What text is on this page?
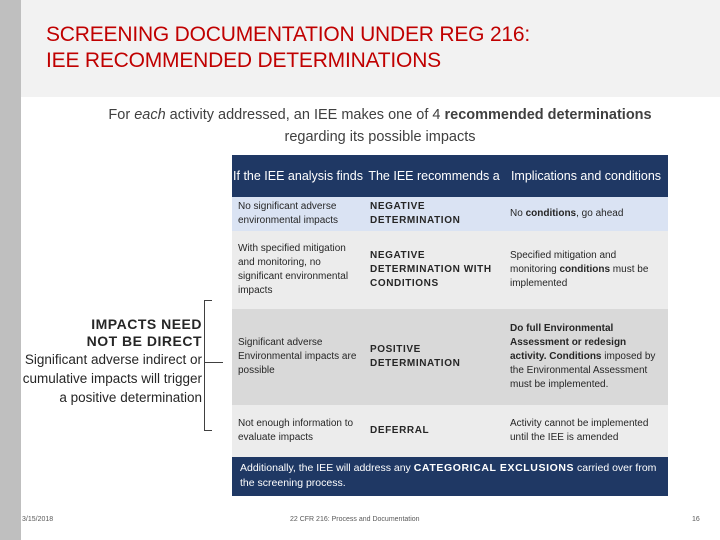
SCREENING DOCUMENTATION UNDER REG 216:
IEE RECOMMENDED DETERMINATIONS
For each activity addressed, an IEE makes one of 4 recommended determinations
regarding its possible impacts
If the IEE analysis finds The IEE recommends a Implications and conditions
No significant adverse environmental impacts
NEGATIVE DETERMINATION
No conditions, go ahead
With specified mitigation and monitoring, no significant environmental impacts
NEGATIVE DETERMINATION WITH CONDITIONS
Specified mitigation and monitoring conditions must be implemented
Significant adverse Environmental impacts are possible
POSITIVE DETERMINATION
Do full Environmental Assessment or redesign activity. Conditions imposed by the Environmental Assessment must be implemented.
Not enough information to evaluate impacts
DEFERRAL
Activity cannot be implemented until the IEE is amended
Additionally, the IEE will address any CATEGORICAL EXCLUSIONS carried over from the screening process.
IMPACTS NEED
NOT BE DIRECT
Significant adverse indirect or cumulative impacts will trigger a positive determination
3/15/2018	22 CFR 216: Process and Documentation	16
